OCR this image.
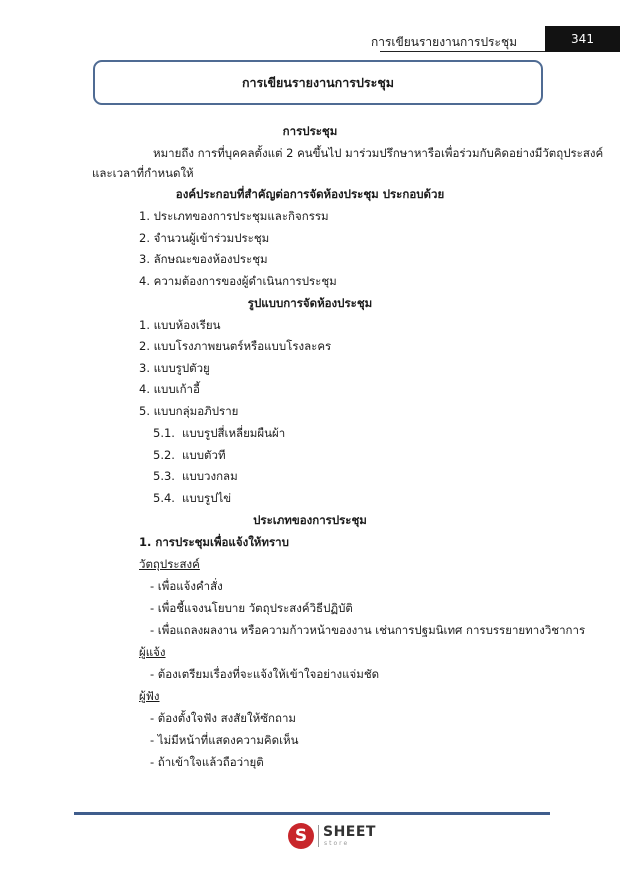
การเขียนรายงานการประชุม	341
การเขียนรายงานการประชุม
การประชุม
หมายถึง การที่บุคคลตั้งแต่ 2 คนขึ้นไป มาร่วมปรึกษาหารือเพื่อร่วมกับคิดอย่างมีวัตถุประสงค์
และเวลาที่กำหนดให้
องค์ประกอบที่สำคัญต่อการจัดห้องประชุม ประกอบด้วย
1. ประเภทของการประชุมและกิจกรรม
2. จำนวนผู้เข้าร่วมประชุม
3. ลักษณะของห้องประชุม
4. ความต้องการของผู้ดำเนินการประชุม
รูปแบบการจัดห้องประชุม
1. แบบห้องเรียน
2. แบบโรงภาพยนตร์หรือแบบโรงละคร
3. แบบรูปตัวยู
4. แบบเก้าอี้
5. แบบกลุ่มอภิปราย
5.1. แบบรูปสี่เหลี่ยมผืนผ้า
5.2. แบบตัวที
5.3. แบบวงกลม
5.4. แบบรูปไข่
ประเภทของการประชุม
1. การประชุมเพื่อแจ้งให้ทราบ
วัตถุประสงค์
- เพื่อแจ้งคำสั่ง
- เพื่อชี้แจงนโยบาย วัตถุประสงค์วิธีปฏิบัติ
- เพื่อแถลงผลงาน หรือความก้าวหน้าของงาน เช่นการปฐมนิเทศ การบรรยายทางวิชาการ
ผู้แจ้ง
- ต้องเตรียมเรื่องที่จะแจ้งให้เข้าใจอย่างแจ่มชัด
ผู้ฟัง
- ต้องตั้งใจฟัง สงสัยให้ซักถาม
- ไม่มีหน้าที่แสดงความคิดเห็น
- ถ้าเข้าใจแล้วถือว่ายุติ
S	SHEET
store
